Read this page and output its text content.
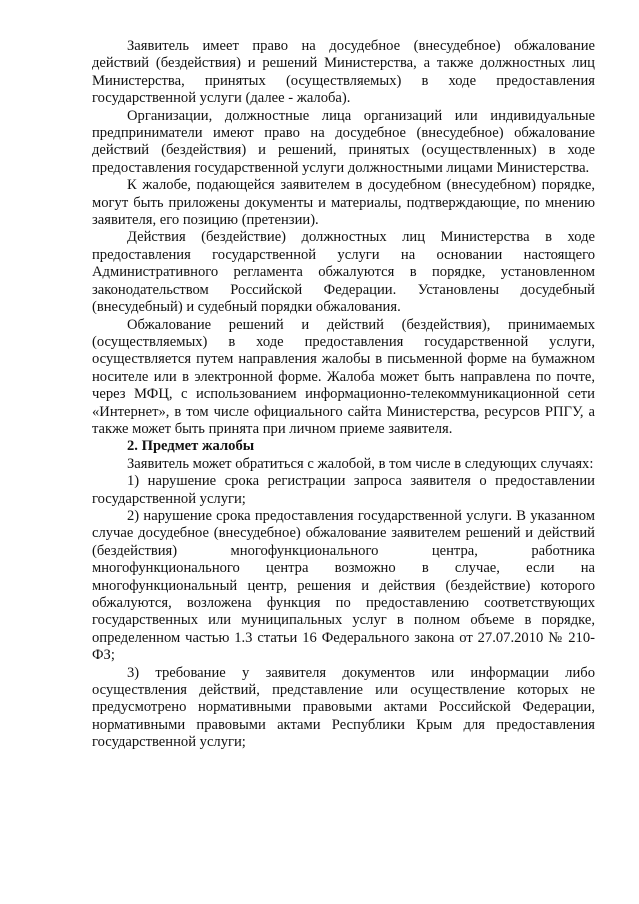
Заявитель имеет право на досудебное (внесудебное) обжалование действий (бездействия) и решений Министерства, а также должностных лиц Министерства, принятых (осуществляемых) в ходе предоставления государственной услуги (далее - жалоба).

Организации, должностные лица организаций или индивидуальные предприниматели имеют право на досудебное (внесудебное) обжалование действий (бездействия) и решений, принятых (осуществленных) в ходе предоставления государственной услуги должностными лицами Министерства.

К жалобе, подающейся заявителем в досудебном (внесудебном) порядке, могут быть приложены документы и материалы, подтверждающие, по мнению заявителя, его позицию (претензии).

Действия (бездействие) должностных лиц Министерства в ходе предоставления государственной услуги на основании настоящего Административного регламента обжалуются в порядке, установленном законодательством Российской Федерации. Установлены досудебный (внесудебный) и судебный порядки обжалования.

Обжалование решений и действий (бездействия), принимаемых (осуществляемых) в ходе предоставления государственной услуги, осуществляется путем направления жалобы в письменной форме на бумажном носителе или в электронной форме. Жалоба может быть направлена по почте, через МФЦ, с использованием информационно-телекоммуникационной сети «Интернет», в том числе официального сайта Министерства, ресурсов РПГУ, а также может быть принята при личном приеме заявителя.

2. Предмет жалобы

Заявитель может обратиться с жалобой, в том числе в следующих случаях:

1) нарушение срока регистрации запроса заявителя о предоставлении государственной услуги;

2) нарушение срока предоставления государственной услуги. В указанном случае досудебное (внесудебное) обжалование заявителем решений и действий (бездействия) многофункционального центра, работника многофункционального центра возможно в случае, если на многофункциональный центр, решения и действия (бездействие) которого обжалуются, возложена функция по предоставлению соответствующих государственных или муниципальных услуг в полном объеме в порядке, определенном частью 1.3 статьи 16 Федерального закона от 27.07.2010 № 210-ФЗ;

3) требование у заявителя документов или информации либо осуществления действий, представление или осуществление которых не предусмотрено нормативными правовыми актами Российской Федерации, нормативными правовыми актами Республики Крым для предоставления государственной услуги;
